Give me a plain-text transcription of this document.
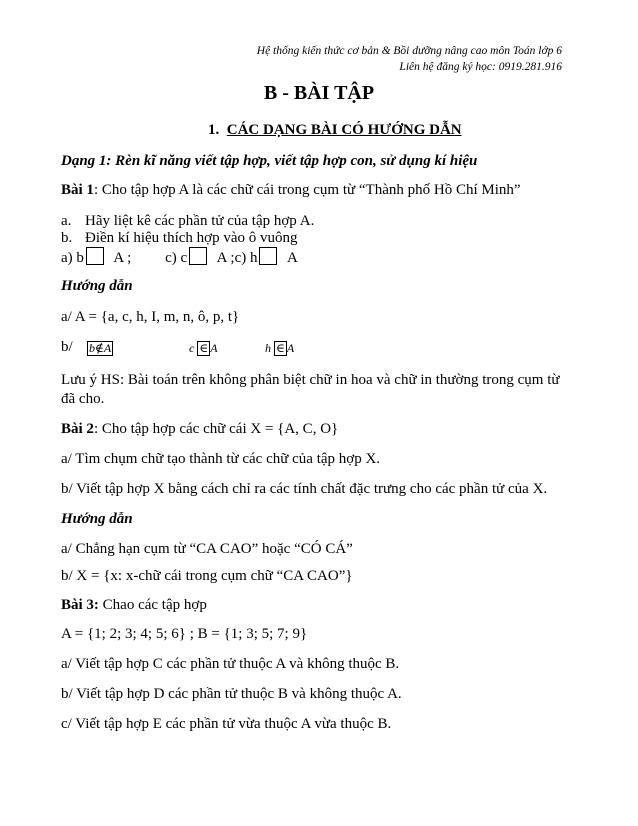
Hệ thống kiến thức cơ bản & Bồi dưỡng nâng cao môn Toán lớp 6
Liên hệ đăng ký học: 0919.281.916
B - BÀI TẬP
1. CÁC DẠNG BÀI CÓ HƯỚNG DẪN
Dạng 1: Rèn kĩ năng viết tập hợp, viết tập hợp con, sử dụng kí hiệu
Bài 1: Cho tập hợp A là các chữ cái trong cụm từ “Thành phố Hồ Chí Minh”
a. Hãy liệt kê các phần tử của tập hợp A.
b. Điền kí hiệu thích hợp vào ô vuông
a) b A ; c) c A ;c) h A
Hướng dẫn
a/ A = {a, c, h, I, m, n, ô, p, t}
b/ b∉A	c ∈ A	h ∈ A
Lưu ý HS: Bài toán trên không phân biệt chữ in hoa và chữ in thường trong cụm từ
đã cho.
Bài 2: Cho tập hợp các chữ cái X = {A, C, O}
a/ Tìm chụm chữ tạo thành từ các chữ của tập hợp X.
b/ Viết tập hợp X bằng cách chỉ ra các tính chất đặc trưng cho các phần tử của X.
Hướng dẫn
a/ Chẳng hạn cụm từ “CA CAO” hoặc “CÓ CÁ”
b/ X = {x: x-chữ cái trong cụm chữ “CA CAO”}
Bài 3: Chao các tập hợp
A = {1; 2; 3; 4; 5; 6} ; B = {1; 3; 5; 7; 9}
a/ Viết tập hợp C các phần tử thuộc A và không thuộc B.
b/ Viết tập hợp D các phần tử thuộc B và không thuộc A.
c/ Viết tập hợp E các phần tử vừa thuộc A vừa thuộc B.
